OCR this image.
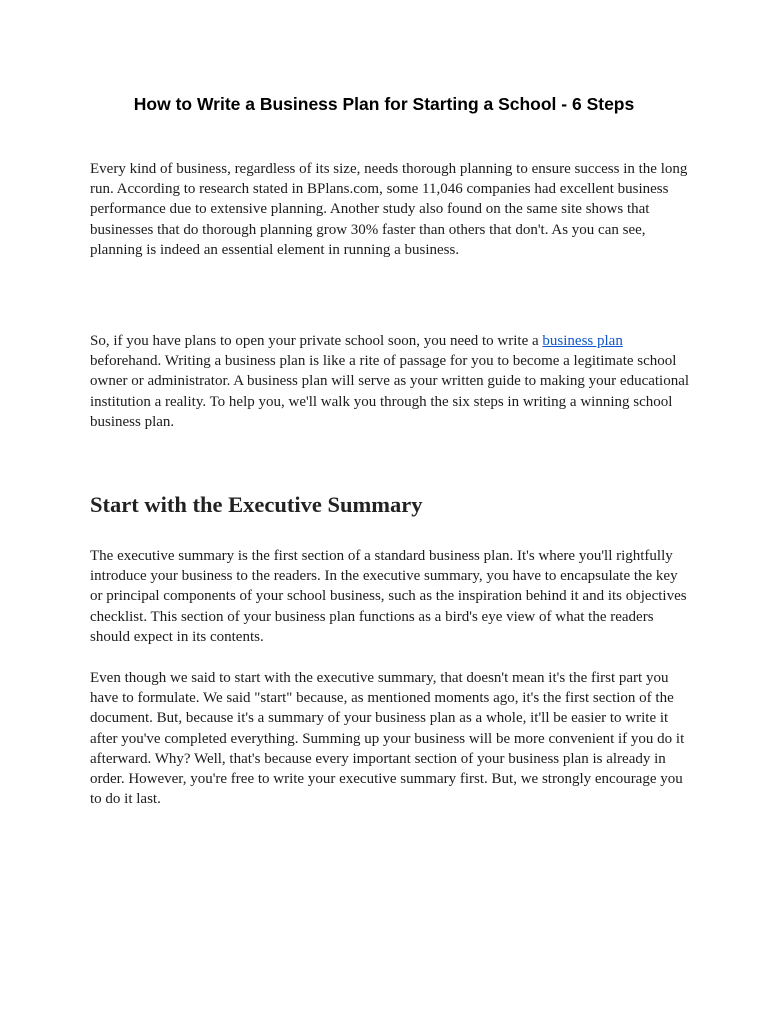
How to Write a Business Plan for Starting a School - 6 Steps

Every kind of business, regardless of its size, needs thorough planning to ensure success in the long run. According to research stated in BPlans.com, some 11,046 companies had excellent business performance due to extensive planning. Another study also found on the same site shows that businesses that do thorough planning grow 30% faster than others that don't. As you can see, planning is indeed an essential element in running a business.

So, if you have plans to open your private school soon, you need to write a business plan beforehand. Writing a business plan is like a rite of passage for you to become a legitimate school owner or administrator. A business plan will serve as your written guide to making your educational institution a reality. To help you, we'll walk you through the six steps in writing a winning school business plan.

Start with the Executive Summary

The executive summary is the first section of a standard business plan. It's where you'll rightfully introduce your business to the readers. In the executive summary, you have to encapsulate the key or principal components of your school business, such as the inspiration behind it and its objectives checklist. This section of your business plan functions as a bird's eye view of what the readers should expect in its contents.

Even though we said to start with the executive summary, that doesn't mean it's the first part you have to formulate. We said "start" because, as mentioned moments ago, it's the first section of the document. But, because it's a summary of your business plan as a whole, it'll be easier to write it after you've completed everything. Summing up your business will be more convenient if you do it afterward. Why? Well, that's because every important section of your business plan is already in order. However, you're free to write your executive summary first. But, we strongly encourage you to do it last.
